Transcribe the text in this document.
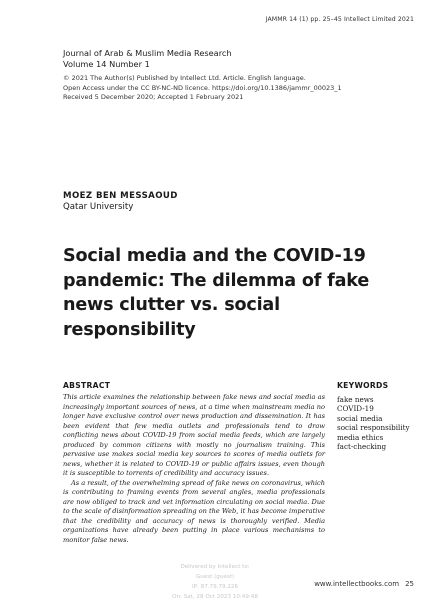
JAMMR 14 (1) pp. 25–45 Intellect Limited 2021
Journal of Arab & Muslim Media Research
Volume 14 Number 1
© 2021 The Author(s) Published by Intellect Ltd. Article. English language.
Open Access under the CC BY-NC-ND licence. https://doi.org/10.1386/jammr_00023_1
Received 5 December 2020; Accepted 1 February 2021
MOEZ BEN MESSAOUD
Qatar University
Social media and the COVID-19 pandemic: The dilemma of fake news clutter vs. social responsibility
ABSTRACT	KEYWORDS

This article examines the relationship between fake news and social media as increasingly important sources of news, at a time when mainstream media no longer have exclusive control over news production and dissemination. It has been evident that few media outlets and professionals tend to draw conflicting news about COVID-19 from social media feeds, which are largely produced by common citizens with mostly no journalism training. This pervasive use makes social media key sources to scores of media outlets for news, whether it is related to COVID-19 or public affairs issues, even though it is susceptible to torrents of credibility and accuracy issues.

As a result, of the overwhelming spread of fake news on coronavirus, which is contributing to framing events from several angles, media professionals are now obliged to track and vet information circulating on social media. Due to the scale of disinformation spreading on the Web, it has become imperative that the credibility and accuracy of news is thoroughly verified. Media organizations have already been putting in place various mechanisms to monitor false news.

fake news
COVID-19
social media
social responsibility
media ethics
fact-checking
Delivered by Intellect to:
Guest (guest)
IP: 87.79.79.226
On: Sat, 28 Oct 2023 10:49:48
www.intellectbooks.com 25
